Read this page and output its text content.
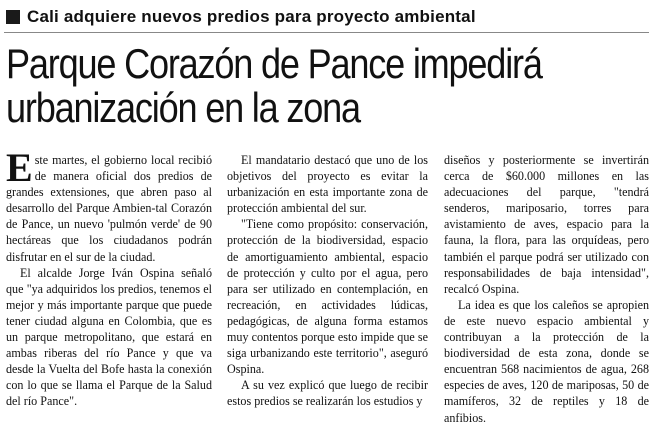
Cali adquiere nuevos predios para proyecto ambiental
Parque Corazón de Pance impedirá
urbanización en la zona

Este martes, el gobierno local recibió de manera oficial dos predios de grandes extensiones, que abren paso al desarrollo del Parque Ambien-tal Corazón de Pance, un nuevo 'pulmón verde' de 90 hectáreas que los ciudadanos podrán disfrutar en el sur de la ciudad.

El alcalde Jorge Iván Ospina señaló que "ya adquiridos los predios, tenemos el mejor y más importante parque que puede tener ciudad alguna en Colombia, que es un parque metropolitano, que estará en ambas riberas del río Pance y que va desde la Vuelta del Bofe hasta la conexión con lo que se llama el Parque de la Salud del río Pance".

El mandatario destacó que uno de los objetivos del proyecto es evitar la urbanización en esta importante zona de protección ambiental del sur.

"Tiene como propósito: conservación, protección de la biodiversidad, espacio de amortiguamiento ambiental, espacio de protección y culto por el agua, pero para ser utilizado en contemplación, en recreación, en actividades lúdicas, pedagógicas, de alguna forma estamos muy contentos porque esto impide que se siga urbanizando este territorio", aseguró Ospina.

A su vez explicó que luego de recibir estos predios se realizarán los estudios y

diseños y posteriormente se invertirán cerca de $60.000 millones en las adecuaciones del parque, "tendrá senderos, mariposario, torres para avistamiento de aves, espacio para la fauna, la flora, para las orquídeas, pero también el parque podrá ser utilizado con responsabilidades de baja intensidad", recalcó Ospina.

La idea es que los caleños se apropien de este nuevo espacio ambiental y contribuyan a la protección de la biodiversidad de esta zona, donde se encuentran 568 nacimientos de agua, 268 especies de aves, 120 de mariposas, 50 de mamíferos, 32 de reptiles y 18 de anfibios.
